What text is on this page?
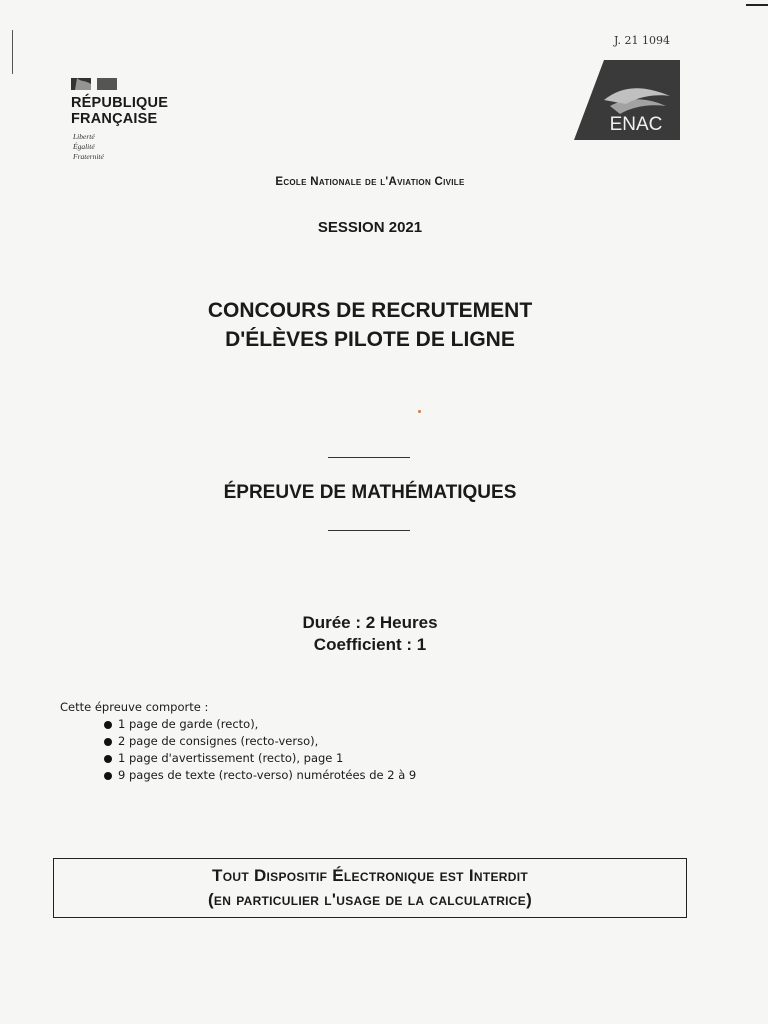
J. 21 1094
RÉPUBLIQUE
FRANÇAISE
Liberté
Égalité
Fraternité
ENAC
Ecole Nationale de l'Aviation Civile
SESSION 2021
CONCOURS DE RECRUTEMENT
D'ÉLÈVES PILOTE DE LIGNE
ÉPREUVE DE MATHÉMATIQUES
Durée : 2 Heures
Coefficient : 1
Cette épreuve comporte :
1 page de garde (recto),
2 page de consignes (recto-verso),
1 page d'avertissement (recto), page 1
9 pages de texte (recto-verso) numérotées de 2 à 9
Tout Dispositif Électronique est Interdit
(en particulier l'usage de la calculatrice)
